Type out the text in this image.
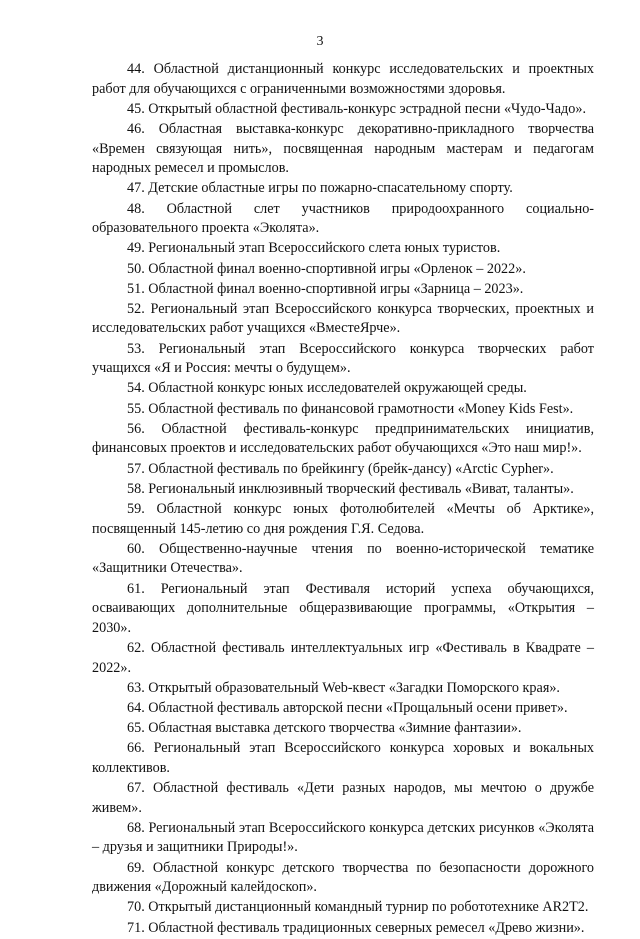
3

44. Областной дистанционный конкурс исследовательских и проектных работ для обучающихся с ограниченными возможностями здоровья.

45. Открытый областной фестиваль-конкурс эстрадной песни «Чудо-Чадо».

46. Областная выставка-конкурс декоративно-прикладного творчества «Времен связующая нить», посвященная народным мастерам и педагогам народных ремесел и промыслов.

47. Детские областные игры по пожарно-спасательному спорту.

48. Областной слет участников природоохранного социально-образовательного проекта «Эколята».

49. Региональный этап Всероссийского слета юных туристов.

50. Областной финал военно-спортивной игры «Орленок – 2022».

51. Областной финал военно-спортивной игры «Зарница – 2023».

52. Региональный этап Всероссийского конкурса творческих, проектных и исследовательских работ учащихся «ВместеЯрче».

53. Региональный этап Всероссийского конкурса творческих работ учащихся «Я и Россия: мечты о будущем».

54. Областной конкурс юных исследователей окружающей среды.

55. Областной фестиваль по финансовой грамотности «Money Kids Fest».

56. Областной фестиваль-конкурс предпринимательских инициатив, финансовых проектов и исследовательских работ обучающихся «Это наш мир!».

57. Областной фестиваль по брейкингу (брейк-дансу) «Arctic Cypher».

58. Региональный инклюзивный творческий фестиваль «Виват, таланты».

59. Областной конкурс юных фотолюбителей «Мечты об Арктике», посвященный 145-летию со дня рождения Г.Я. Седова.

60. Общественно-научные чтения по военно-исторической тематике «Защитники Отечества».

61. Региональный этап Фестиваля историй успеха обучающихся, осваивающих дополнительные общеразвивающие программы, «Открытия – 2030».

62. Областной фестиваль интеллектуальных игр «Фестиваль в Квадрате – 2022».

63. Открытый образовательный Web-квест «Загадки Поморского края».

64. Областной фестиваль авторской песни «Прощальный осени привет».

65. Областная выставка детского творчества «Зимние фантазии».

66. Региональный этап Всероссийского конкурса хоровых и вокальных коллективов.

67. Областной фестиваль «Дети разных народов, мы мечтою о дружбе живем».

68. Региональный этап Всероссийского конкурса детских рисунков «Эколята – друзья и защитники Природы!».

69. Областной конкурс детского творчества по безопасности дорожного движения «Дорожный калейдоскоп».

70. Открытый дистанционный командный турнир по робототехнике AR2T2.

71. Областной фестиваль традиционных северных ремесел «Древо жизни».
